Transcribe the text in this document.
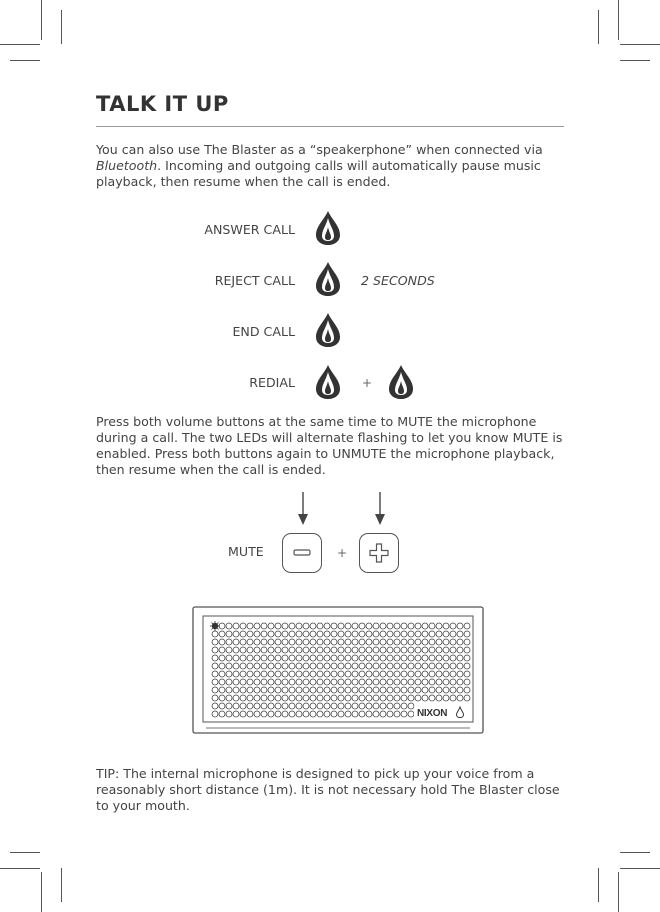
TALK IT UP
You can also use The Blaster as a “speakerphone” when connected via
Bluetooth. Incoming and outgoing calls will automatically pause music
playback, then resume when the call is ended.
ANSWER CALL
REJECT CALL	2 SECONDS
END CALL
REDIAL	+
Press both volume buttons at the same time to MUTE the microphone
during a call. The two LEDs will alternate flashing to let you know MUTE is
enabled. Press both buttons again to UNMUTE the microphone playback,
then resume when the call is ended.
MUTE	+
NIXON
TIP: The internal microphone is designed to pick up your voice from a
reasonably short distance (1m). It is not necessary hold The Blaster close
to your mouth.
